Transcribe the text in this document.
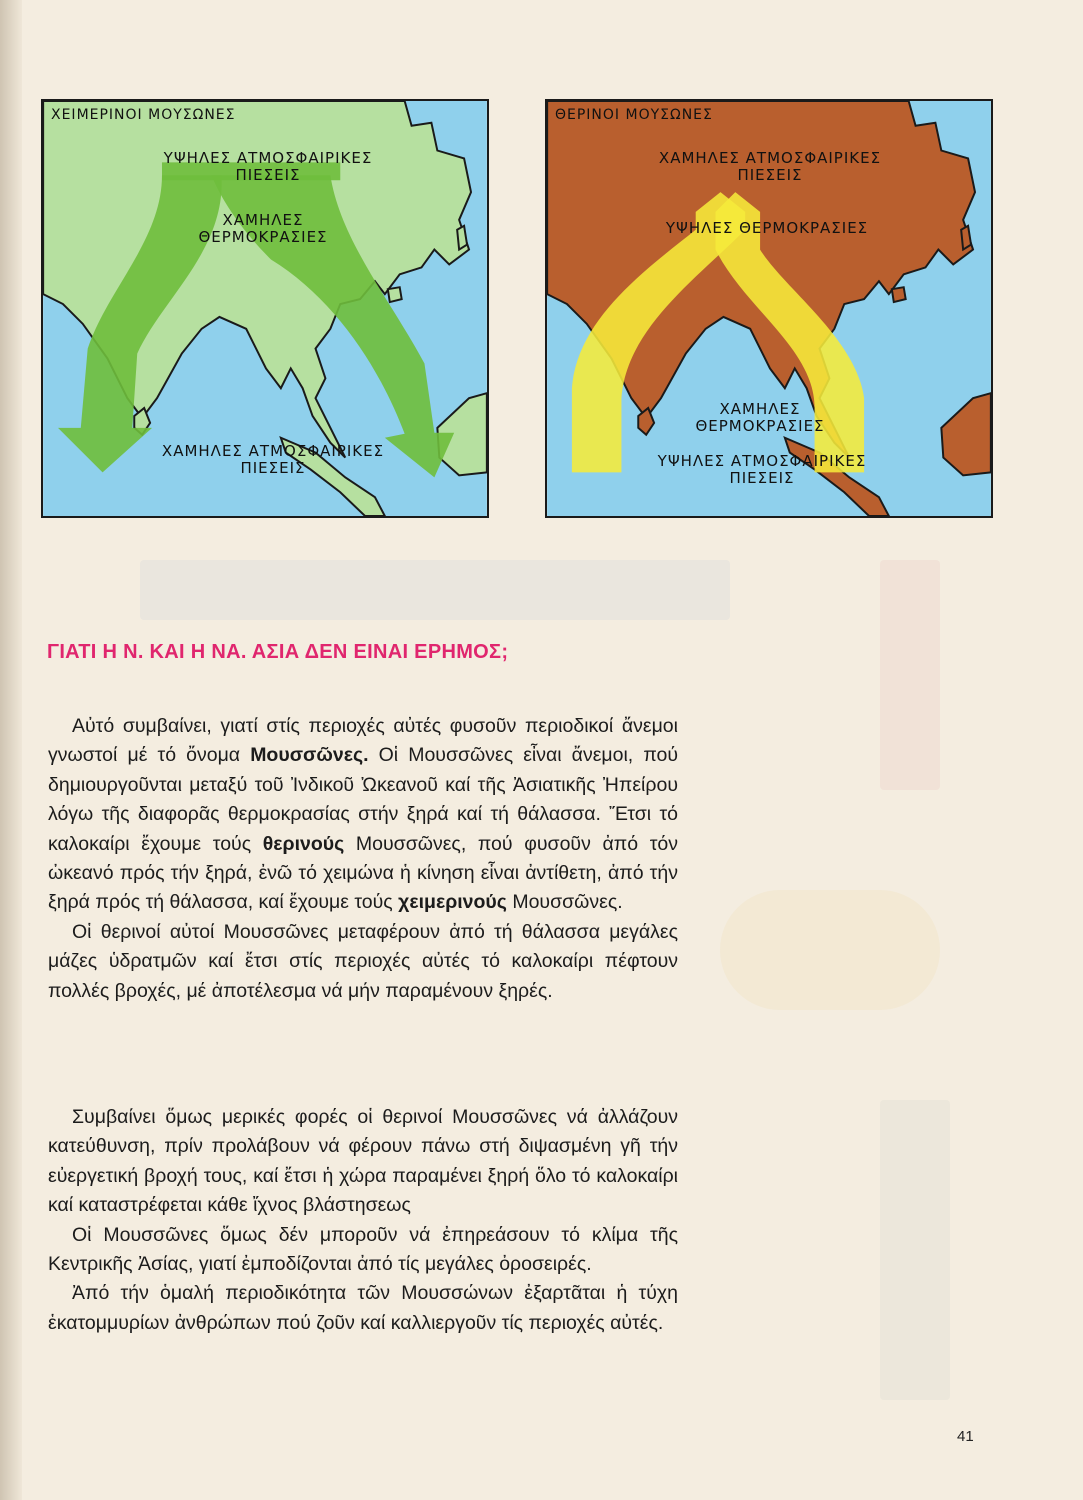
ΧΕΙΜΕΡΙΝΟΙ ΜΟΥΣΩΝΕΣ
ΥΨΗΛΕΣ ΑΤΜΟΣΦΑΙΡΙΚΕΣ
ΠΙΕΣΕΙΣ
ΧΑΜΗΛΕΣ
ΘΕΡΜΟΚΡΑΣΙΕΣ
ΧΑΜΗΛΕΣ ΑΤΜΟΣΦΑΙΡΙΚΕΣ
ΠΙΕΣΕΙΣ
ΘΕΡΙΝΟΙ ΜΟΥΣΩΝΕΣ
ΧΑΜΗΛΕΣ ΑΤΜΟΣΦΑΙΡΙΚΕΣ
ΠΙΕΣΕΙΣ
ΥΨΗΛΕΣ ΘΕΡΜΟΚΡΑΣΙΕΣ
ΧΑΜΗΛΕΣ
ΘΕΡΜΟΚΡΑΣΙΕΣ
ΥΨΗΛΕΣ ΑΤΜΟΣΦΑΙΡΙΚΕΣ
ΠΙΕΣΕΙΣ
ΓΙΑΤΙ Η Ν. ΚΑΙ Η ΝΑ. ΑΣΙΑ ΔΕΝ ΕΙΝΑΙ ΕΡΗΜΟΣ;

Αὐτό συμβαίνει, γιατί στίς περιοχές αὐτές φυσοῦν περιοδικοί ἄνεμοι γνωστοί μέ τό ὄνομα Μουσσῶνες. Οἱ Μουσσῶνες εἶναι ἄνεμοι, πού δημιουργοῦνται μεταξύ τοῦ Ἰνδικοῦ Ὠκεανοῦ καί τῆς Ἀσιατικῆς Ἠπείρου λόγω τῆς διαφορᾶς θερμοκρασίας στήν ξηρά καί τή θάλασσα. Ἔτσι τό καλοκαίρι ἔχουμε τούς θερινούς Μουσσῶνες, πού φυσοῦν ἀπό τόν ὠκεανό πρός τήν ξηρά, ἐνῶ τό χειμώνα ἡ κίνηση εἶναι ἀντίθετη, ἀπό τήν ξηρά πρός τή θάλασσα, καί ἔχουμε τούς χειμερινούς Μουσσῶνες.

Οἱ θερινοί αὐτοί Μουσσῶνες μεταφέρουν ἀπό τή θάλασσα μεγάλες μάζες ὑδρατμῶν καί ἔτσι στίς περιοχές αὐτές τό καλοκαίρι πέφτουν πολλές βροχές, μέ ἀποτέλεσμα νά μήν παραμένουν ξηρές.

Συμβαίνει ὅμως μερικές φορές οἱ θερινοί Μουσσῶνες νά ἀλλάζουν κατεύθυνση, πρίν προλάβουν νά φέρουν πάνω στή διψασμένη γῆ τήν εὐεργετική βροχή τους, καί ἔτσι ἡ χώρα παραμένει ξηρή ὅλο τό καλοκαίρι καί καταστρέφεται κάθε ἴχνος βλάστησεως

Οἱ Μουσσῶνες ὅμως δέν μποροῦν νά ἐπηρεάσουν τό κλίμα τῆς Κεντρικῆς Ἀσίας, γιατί ἐμποδίζονται ἀπό τίς μεγάλες ὀροσειρές.

Ἀπό τήν ὁμαλή περιοδικότητα τῶν Μουσσώνων ἐξαρτᾶται ἡ τύχη ἑκατομμυρίων ἀνθρώπων πού ζοῦν καί καλλιεργοῦν τίς περιοχές αὐτές.

41
